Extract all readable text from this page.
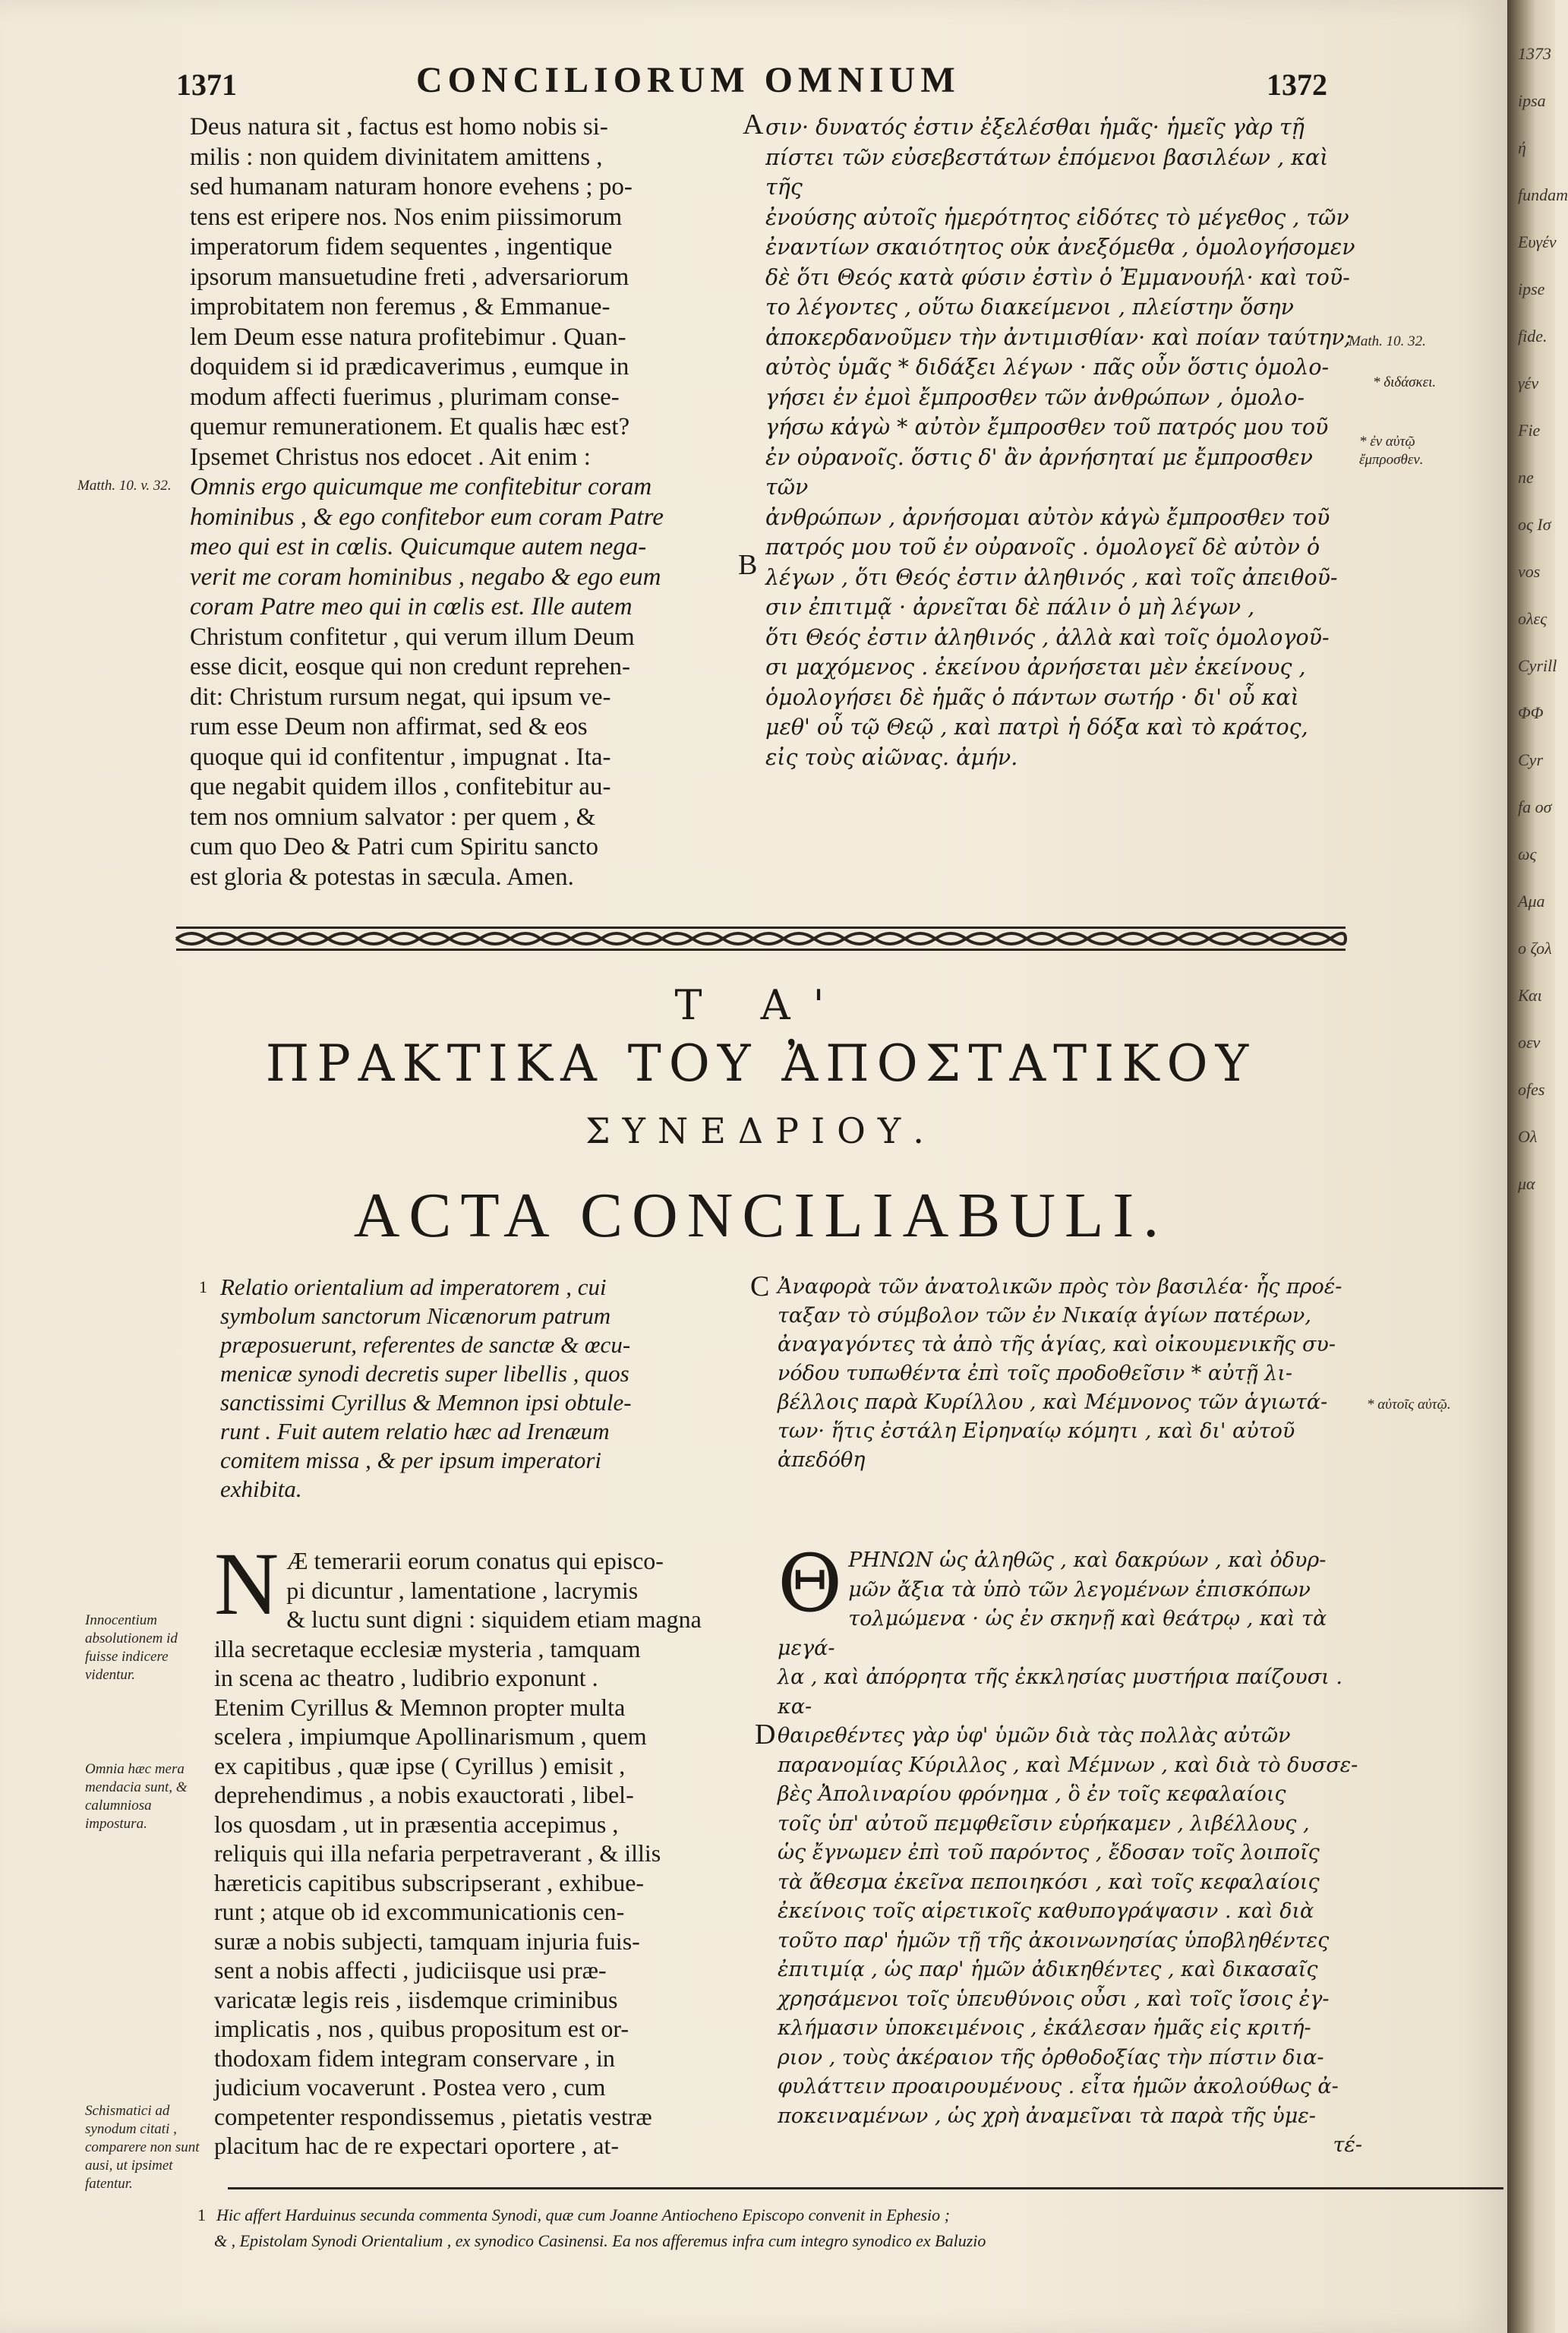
1371	CONCILIORUM OMNIUM	1372
A
B
C
D

Deus natura sit , factus est homo nobis si-

milis : non quidem divinitatem amittens ,

sed humanam naturam honore evehens ; po-

tens est eripere nos. Nos enim piissimorum

imperatorum fidem sequentes , ingentique

ipsorum mansuetudine freti , adversariorum

improbitatem non feremus , & Emmanue-

lem Deum esse natura profitebimur . Quan-

doquidem si id prædicaverimus , eumque in

modum affecti fuerimus , plurimam conse-

quemur remunerationem. Et qualis hæc est?

Ipsemet Christus nos edocet . Ait enim :

Omnis ergo quicumque me confitebitur coram

hominibus , & ego confitebor eum coram Patre

meo qui est in cœlis. Quicumque autem nega-

verit me coram hominibus , negabo & ego eum

coram Patre meo qui in cœlis est. Ille autem

Christum confitetur , qui verum illum Deum

esse dicit, eosque qui non credunt reprehen-

dit: Christum rursum negat, qui ipsum ve-

rum esse Deum non affirmat, sed & eos

quoque qui id confitentur , impugnat . Ita-

que negabit quidem illos , confitebitur au-

tem nos omnium salvator : per quem , &

cum quo Deo & Patri cum Spiritu sancto

est gloria & potestas in sæcula. Amen.

σιν· δυνατός ἐστιν ἐξελέσθαι ἡμᾶς· ἡμεῖς γὰρ τῇ

πίστει τῶν εὐσεβεστάτων ἑπόμενοι βασιλέων , καὶ τῆς

ἐνούσης αὐτοῖς ἡμερότητος εἰδότες τὸ μέγεθος , τῶν

ἐναντίων σκαιότητος οὐκ ἀνεξόμεθα , ὁμολογήσομεν

δὲ ὅτι Θεός κατὰ φύσιν ἐστὶν ὁ Ἐμμανουήλ· καὶ τοῦ-

το λέγοντες , οὕτω διακείμενοι , πλείστην ὅσην

ἀποκερδανοῦμεν τὴν ἀντιμισθίαν· καὶ ποίαν ταύτην;

αὐτὸς ὑμᾶς * διδάξει λέγων · πᾶς οὖν ὅστις ὁμολο-

γήσει ἐν ἐμοὶ ἔμπροσθεν τῶν ἀνθρώπων , ὁμολο-

γήσω κἀγὼ * αὐτὸν ἔμπροσθεν τοῦ πατρός μου τοῦ

ἐν οὐρανοῖς. ὅστις δ' ἂν ἀρνήσηταί με ἔμπροσθεν τῶν

ἀνθρώπων , ἀρνήσομαι αὐτὸν κἀγὼ ἔμπροσθεν τοῦ

πατρός μου τοῦ ἐν οὐρανοῖς . ὁμολογεῖ δὲ αὐτὸν ὁ

λέγων , ὅτι Θεός ἐστιν ἀληθινός , καὶ τοῖς ἀπειθοῦ-

σιν ἐπιτιμᾷ · ἀρνεῖται δὲ πάλιν ὁ μὴ λέγων ,

ὅτι Θεός ἐστιν ἀληθινός , ἀλλὰ καὶ τοῖς ὁμολογοῦ-

σι μαχόμενος . ἐκείνου ἀρνήσεται μὲν ἐκείνους ,

ὁμολογήσει δὲ ἡμᾶς ὁ πάντων σωτήρ · δι' οὗ καὶ

μεθ' οὗ τῷ Θεῷ , καὶ πατρὶ ἡ δόξα καὶ τὸ κράτος,

εἰς τοὺς αἰῶνας. ἀμήν.

Matth. 10. v. 32.
Math. 10. 32.
* διδάσκει.
* ἐν αὐτῷ ἔμπροσθεν.
Τ Α'
ΠΡΑΚΤΙΚΑ ΤΟΥ ἈΠΟΣΤΑΤΙΚΟΥ
ΣΥΝΕΔΡΙΟΥ.
ACTA CONCILIABULI.
1 Relatio orientalium ad imperatorem , cui

symbolum sanctorum Nicænorum patrum

præposuerunt, referentes de sanctæ & œcu-

menicæ synodi decretis super libellis , quos

sanctissimi Cyrillus & Memnon ipsi obtule-

runt . Fuit autem relatio hæc ad Irenæum

comitem missa , & per ipsum imperatori

exhibita.

Ἀναφορὰ τῶν ἀνατολικῶν πρὸς τὸν βασιλέα· ἧς προέ-

ταξαν τὸ σύμβολον τῶν ἐν Νικαίᾳ ἁγίων πατέρων,

ἀναγαγόντες τὰ ἀπὸ τῆς ἁγίας, καὶ οἰκουμενικῆς συ-

νόδου τυπωθέντα ἐπὶ τοῖς προδοθεῖσιν * αὐτῇ λι-

βέλλοις παρὰ Κυρίλλου , καὶ Μέμνονος τῶν ἁγιωτά-

των· ἥτις ἐστάλη Εἰρηναίῳ κόμητι , καὶ δι' αὐτοῦ

ἀπεδόθη

* αὐτοῖς αὐτῷ.
N Æ temerarii eorum conatus qui episco-

pi dicuntur , lamentatione , lacrymis

& luctu sunt digni : siquidem etiam magna

illa secretaque ecclesiæ mysteria , tamquam

in scena ac theatro , ludibrio exponunt .

Etenim Cyrillus & Memnon propter multa

scelera , impiumque Apollinarismum , quem

ex capitibus , quæ ipse ( Cyrillus ) emisit ,

deprehendimus , a nobis exauctorati , libel-

los quosdam , ut in præsentia accepimus ,

reliquis qui illa nefaria perpetraverant , & illis

hæreticis capitibus subscripserant , exhibue-

runt ; atque ob id excommunicationis cen-

suræ a nobis subjecti, tamquam injuria fuis-

sent a nobis affecti , judiciisque usi præ-

varicatæ legis reis , iisdemque criminibus

implicatis , nos , quibus propositum est or-

thodoxam fidem integram conservare , in

judicium vocaverunt . Postea vero , cum

competenter respondissemus , pietatis vestræ

placitum hac de re expectari oportere , at-

Innocentium absolutionem id fuisse indicere videntur.
Omnia hæc mera mendacia sunt, & calumniosa impostura.
Schismatici ad synodum citati , comparere non sunt ausi, ut ipsimet fatentur.
Θ ΡΗΝΩΝ ὡς ἀληθῶς , καὶ δακρύων , καὶ ὀδυρ-

μῶν ἄξια τὰ ὑπὸ τῶν λεγομένων ἐπισκόπων

τολμώμενα · ὡς ἐν σκηνῇ καὶ θεάτρῳ , καὶ τὰ μεγά-

λα , καὶ ἀπόρρητα τῆς ἐκκλησίας μυστήρια παίζουσι . κα-

θαιρεθέντες γὰρ ὑφ' ὑμῶν διὰ τὰς πολλὰς αὐτῶν

παρανομίας Κύριλλος , καὶ Μέμνων , καὶ διὰ τὸ δυσσε-

βὲς Ἀπολιναρίου φρόνημα , ὃ ἐν τοῖς κεφαλαίοις

τοῖς ὑπ' αὐτοῦ πεμφθεῖσιν εὑρήκαμεν , λιβέλλους ,

ὡς ἔγνωμεν ἐπὶ τοῦ παρόντος , ἔδοσαν τοῖς λοιποῖς

τὰ ἄθεσμα ἐκεῖνα πεποιηκόσι , καὶ τοῖς κεφαλαίοις

ἐκείνοις τοῖς αἱρετικοῖς καθυπογράψασιν . καὶ διὰ

τοῦτο παρ' ἡμῶν τῇ τῆς ἀκοινωνησίας ὑποβληθέντες

ἐπιτιμίᾳ , ὡς παρ' ἡμῶν ἀδικηθέντες , καὶ δικασαῖς

χρησάμενοι τοῖς ὑπευθύνοις οὖσι , καὶ τοῖς ἴσοις ἐγ-

κλήμασιν ὑποκειμένοις , ἐκάλεσαν ἡμᾶς εἰς κριτή-

ριον , τοὺς ἀκέραιον τῆς ὀρθοδοξίας τὴν πίστιν δια-

φυλάττειν προαιρουμένους . εἶτα ἡμῶν ἀκολούθως ἀ-

ποκειναμένων , ὡς χρὴ ἀναμεῖναι τὰ παρὰ τῆς ὑμε-

τέ-

1 Hic affert Harduinus secunda commenta Synodi, quæ cum Joanne Antiocheno Episcopo convenit in Ephesio ;
& , Epistolam Synodi Orientalium , ex synodico Casinensi. Ea nos afferemus infra cum integro synodico ex Baluzio
1373 ipsa ή fundam Ευγέν ipse fide. γέν Fie ne oς Iσ νοs ολες Cyrill ΦΦ Cyr fa οσ ως Aμa ο ζολ Και οεν ofes Ολ μα
